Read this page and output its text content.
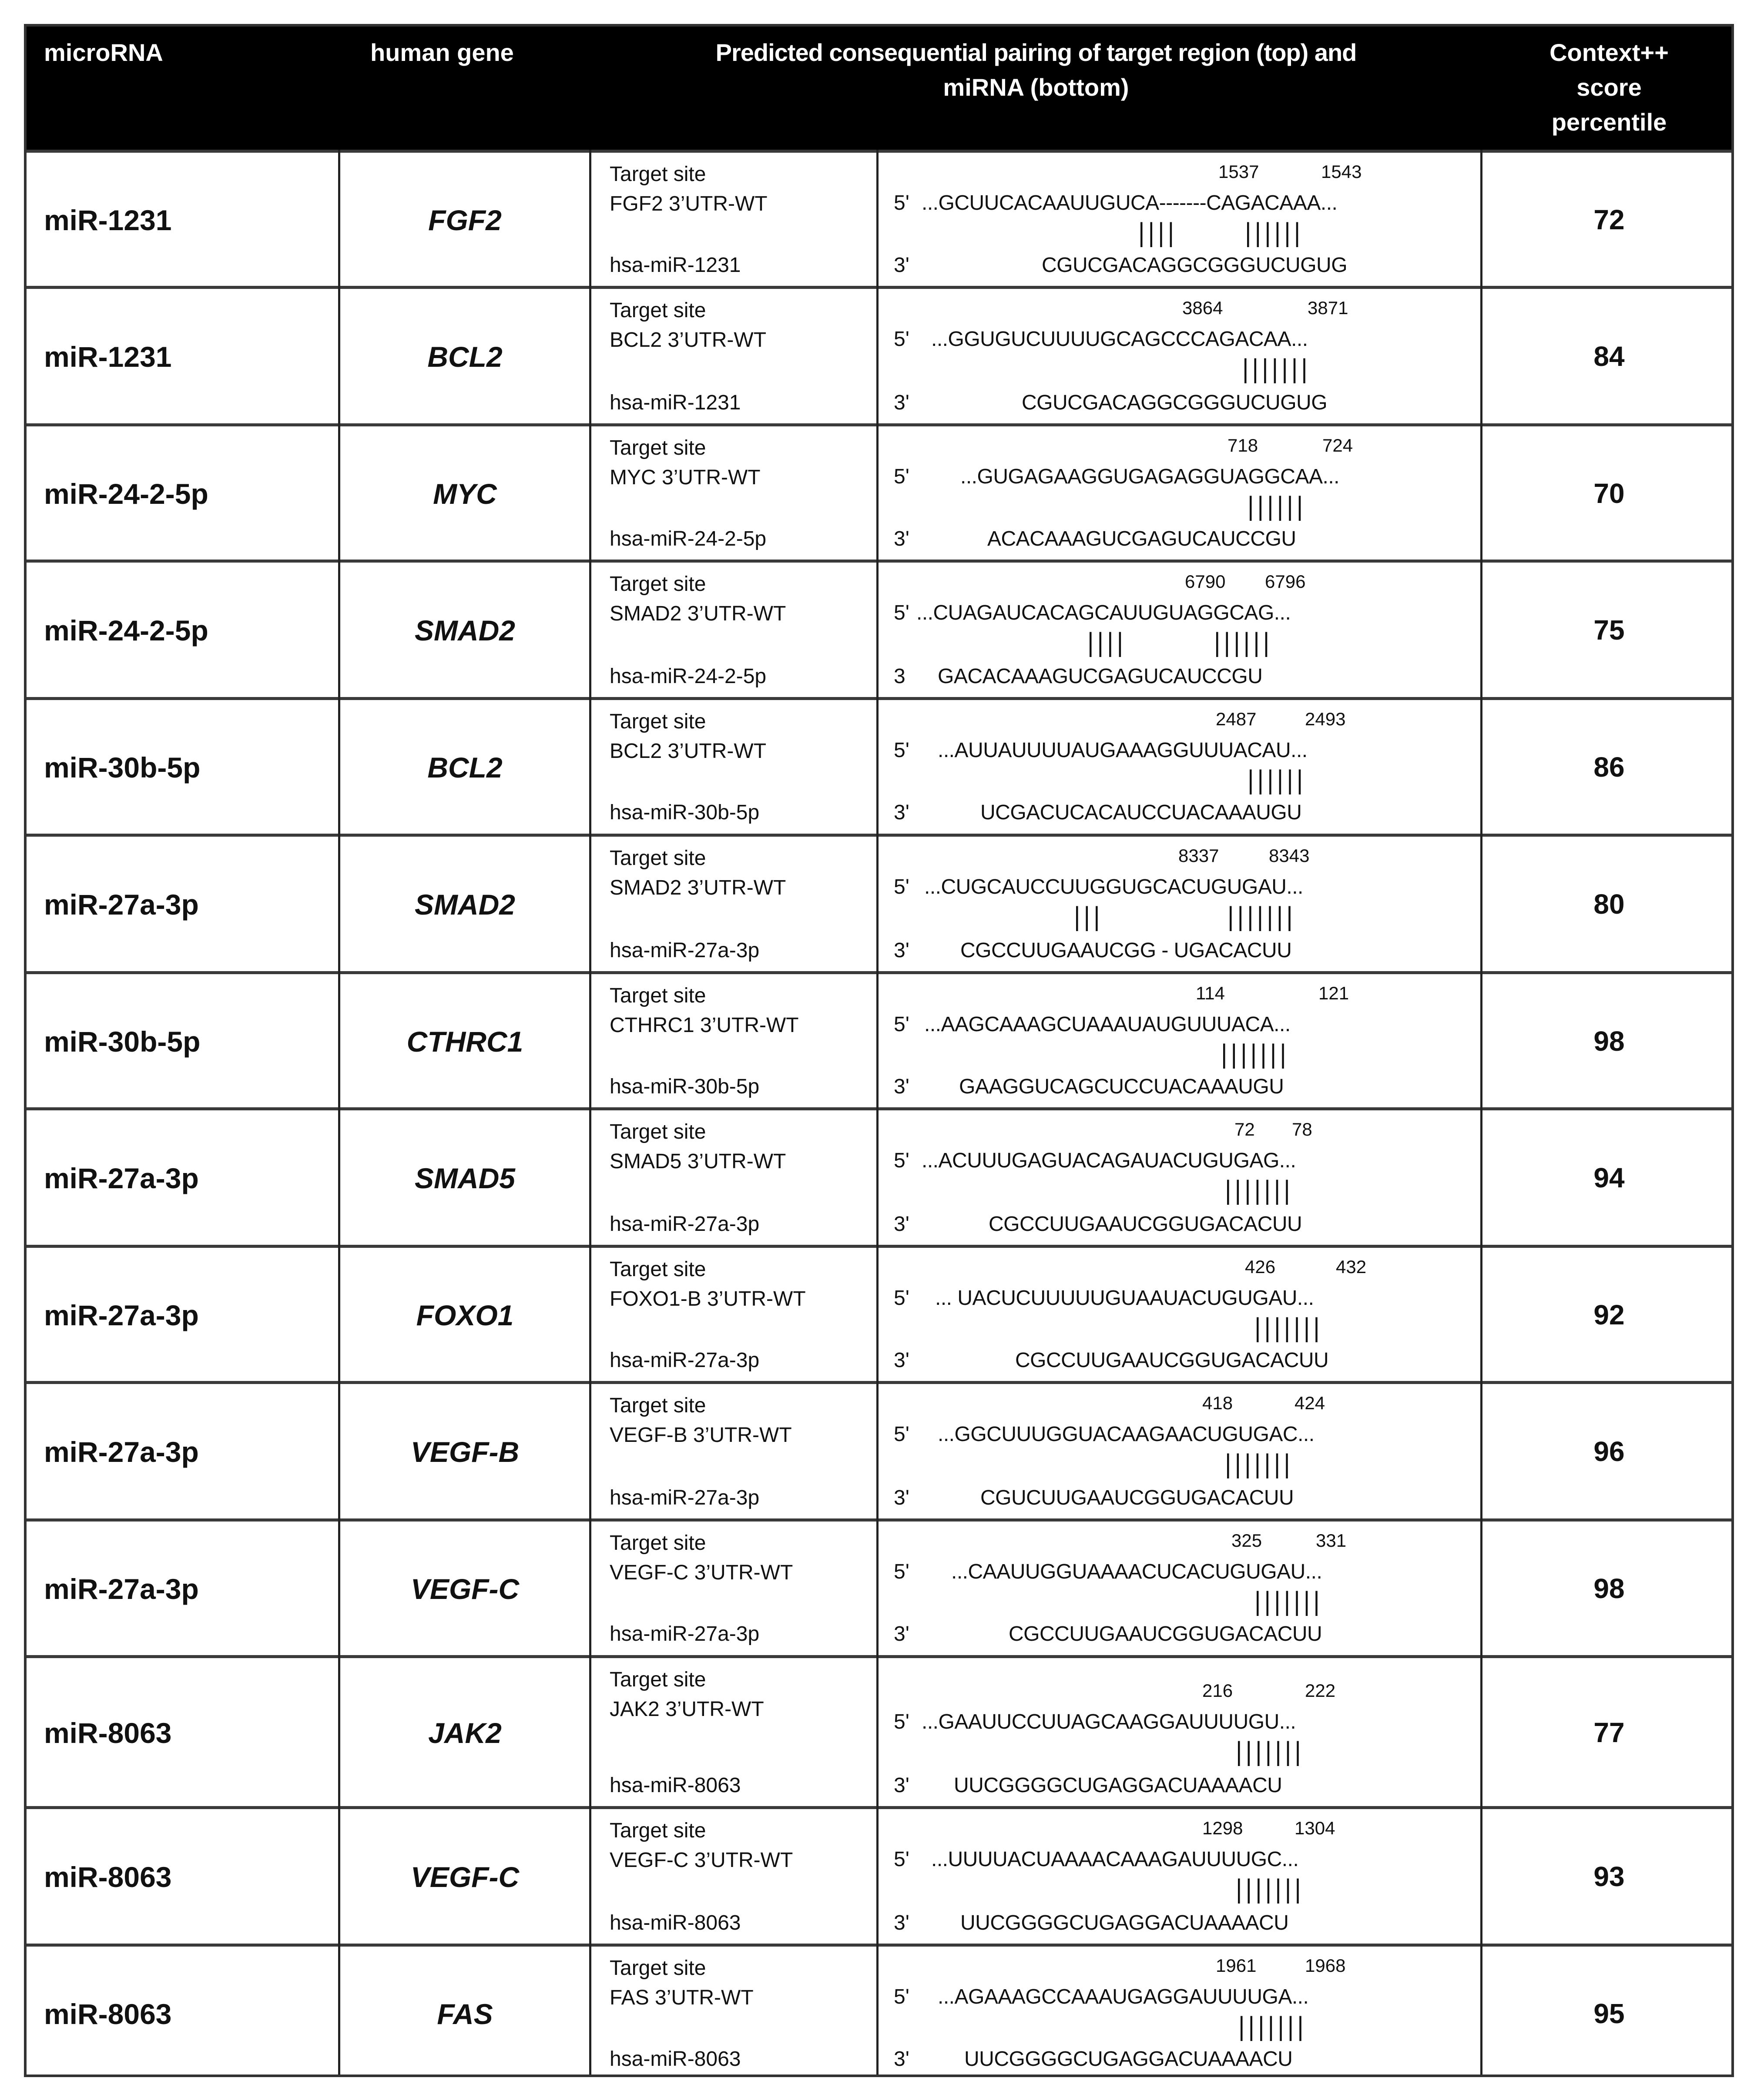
microRNA	human gene	Predicted consequential pairing of target region (top) and
miRNA (bottom)
Context++
score
percentile
miR-1231	FGF2	72
Target site
FGF2 3’UTR-WT
hsa-miR-1231
1537	1543
5' ...GCUUCACAAUUGUCA-------CAGACAAA...
||||	||||||
3'	CGUCGACAGGCGGGUCUGUG
miR-1231	BCL2	84
Target site
BCL2 3’UTR-WT
hsa-miR-1231
3864	3871
5' ...GGUGUCUUUUGCAGCCCAGACAA...
|||||||
3'	CGUCGACAGGCGGGUCUGUG
miR-24-2-5p	MYC	70
Target site
MYC 3’UTR-WT
hsa-miR-24-2-5p
718	724
5' ...GUGAGAAGGUGAGAGGUAGGCAA...
||||||
3'	ACACAAAGUCGAGUCAUCCGU
miR-24-2-5p	SMAD2	75
Target site
SMAD2 3’UTR-WT
hsa-miR-24-2-5p
6790 6796
5' ...CUAGAUCACAGCAUUGUAGGCAG...
||||	||||||
3 GACACAAAGUCGAGUCAUCCGU
miR-30b-5p	BCL2	86
Target site
BCL2 3’UTR-WT
hsa-miR-30b-5p
2487	2493
5' ...AUUAUUUUAUGAAAGGUUUACAU...
||||||
3'	UCGACUCACAUCCUACAAAUGU
miR-27a-3p	SMAD2	80
Target site
SMAD2 3’UTR-WT
hsa-miR-27a-3p
8337	8343
5' ...CUGCAUCCUUGGUGCACUGUGAU...
|||	|||||||
3' CGCCUUGAAUCGG - UGACACUU
miR-30b-5p	CTHRC1	98
Target site
CTHRC1 3’UTR-WT
hsa-miR-30b-5p
114	121
5' ...AAGCAAAGCUAAAUAUGUUUACA...
|||||||
3' GAAGGUCAGCUCCUACAAAUGU
miR-27a-3p	SMAD5	94
Target site
SMAD5 3’UTR-WT
hsa-miR-27a-3p
72 78
5' ...ACUUUGAGUACAGAUACUGUGAG...
|||||||
3'	CGCCUUGAAUCGGUGACACUU
miR-27a-3p	FOXO1	92
Target site
FOXO1-B 3’UTR-WT
hsa-miR-27a-3p
426	432
5' ... UACUCUUUUUGUAAUACUGUGAU...
|||||||
3'	CGCCUUGAAUCGGUGACACUU
miR-27a-3p	VEGF-B	96
Target site
VEGF-B 3’UTR-WT
hsa-miR-27a-3p
418	424
5' ...GGCUUUGGUACAAGAACUGUGAC...
|||||||
3'	CGUCUUGAAUCGGUGACACUU
miR-27a-3p	VEGF-C	98
Target site
VEGF-C 3’UTR-WT
hsa-miR-27a-3p
325	331
5' ...CAAUUGGUAAAACUCACUGUGAU...
|||||||
3'	CGCCUUGAAUCGGUGACACUU
miR-8063	JAK2	77
Target site
JAK2 3’UTR-WT
hsa-miR-8063
216	222
5' ...GAAUUCCUUAGCAAGGAUUUUGU...
|||||||
3' UUCGGGGCUGAGGACUAAAACU
miR-8063	VEGF-C	93
Target site
VEGF-C 3’UTR-WT
hsa-miR-8063
1298	1304
5' ...UUUUACUAAAACAAAGAUUUUGC...
|||||||
3' UUCGGGGCUGAGGACUAAAACU
miR-8063	FAS	95
Target site
FAS 3’UTR-WT
hsa-miR-8063
1961	1968
5' ...AGAAAGCCAAAUGAGGAUUUUGA...
|||||||
3'	UUCGGGGCUGAGGACUAAAACU
